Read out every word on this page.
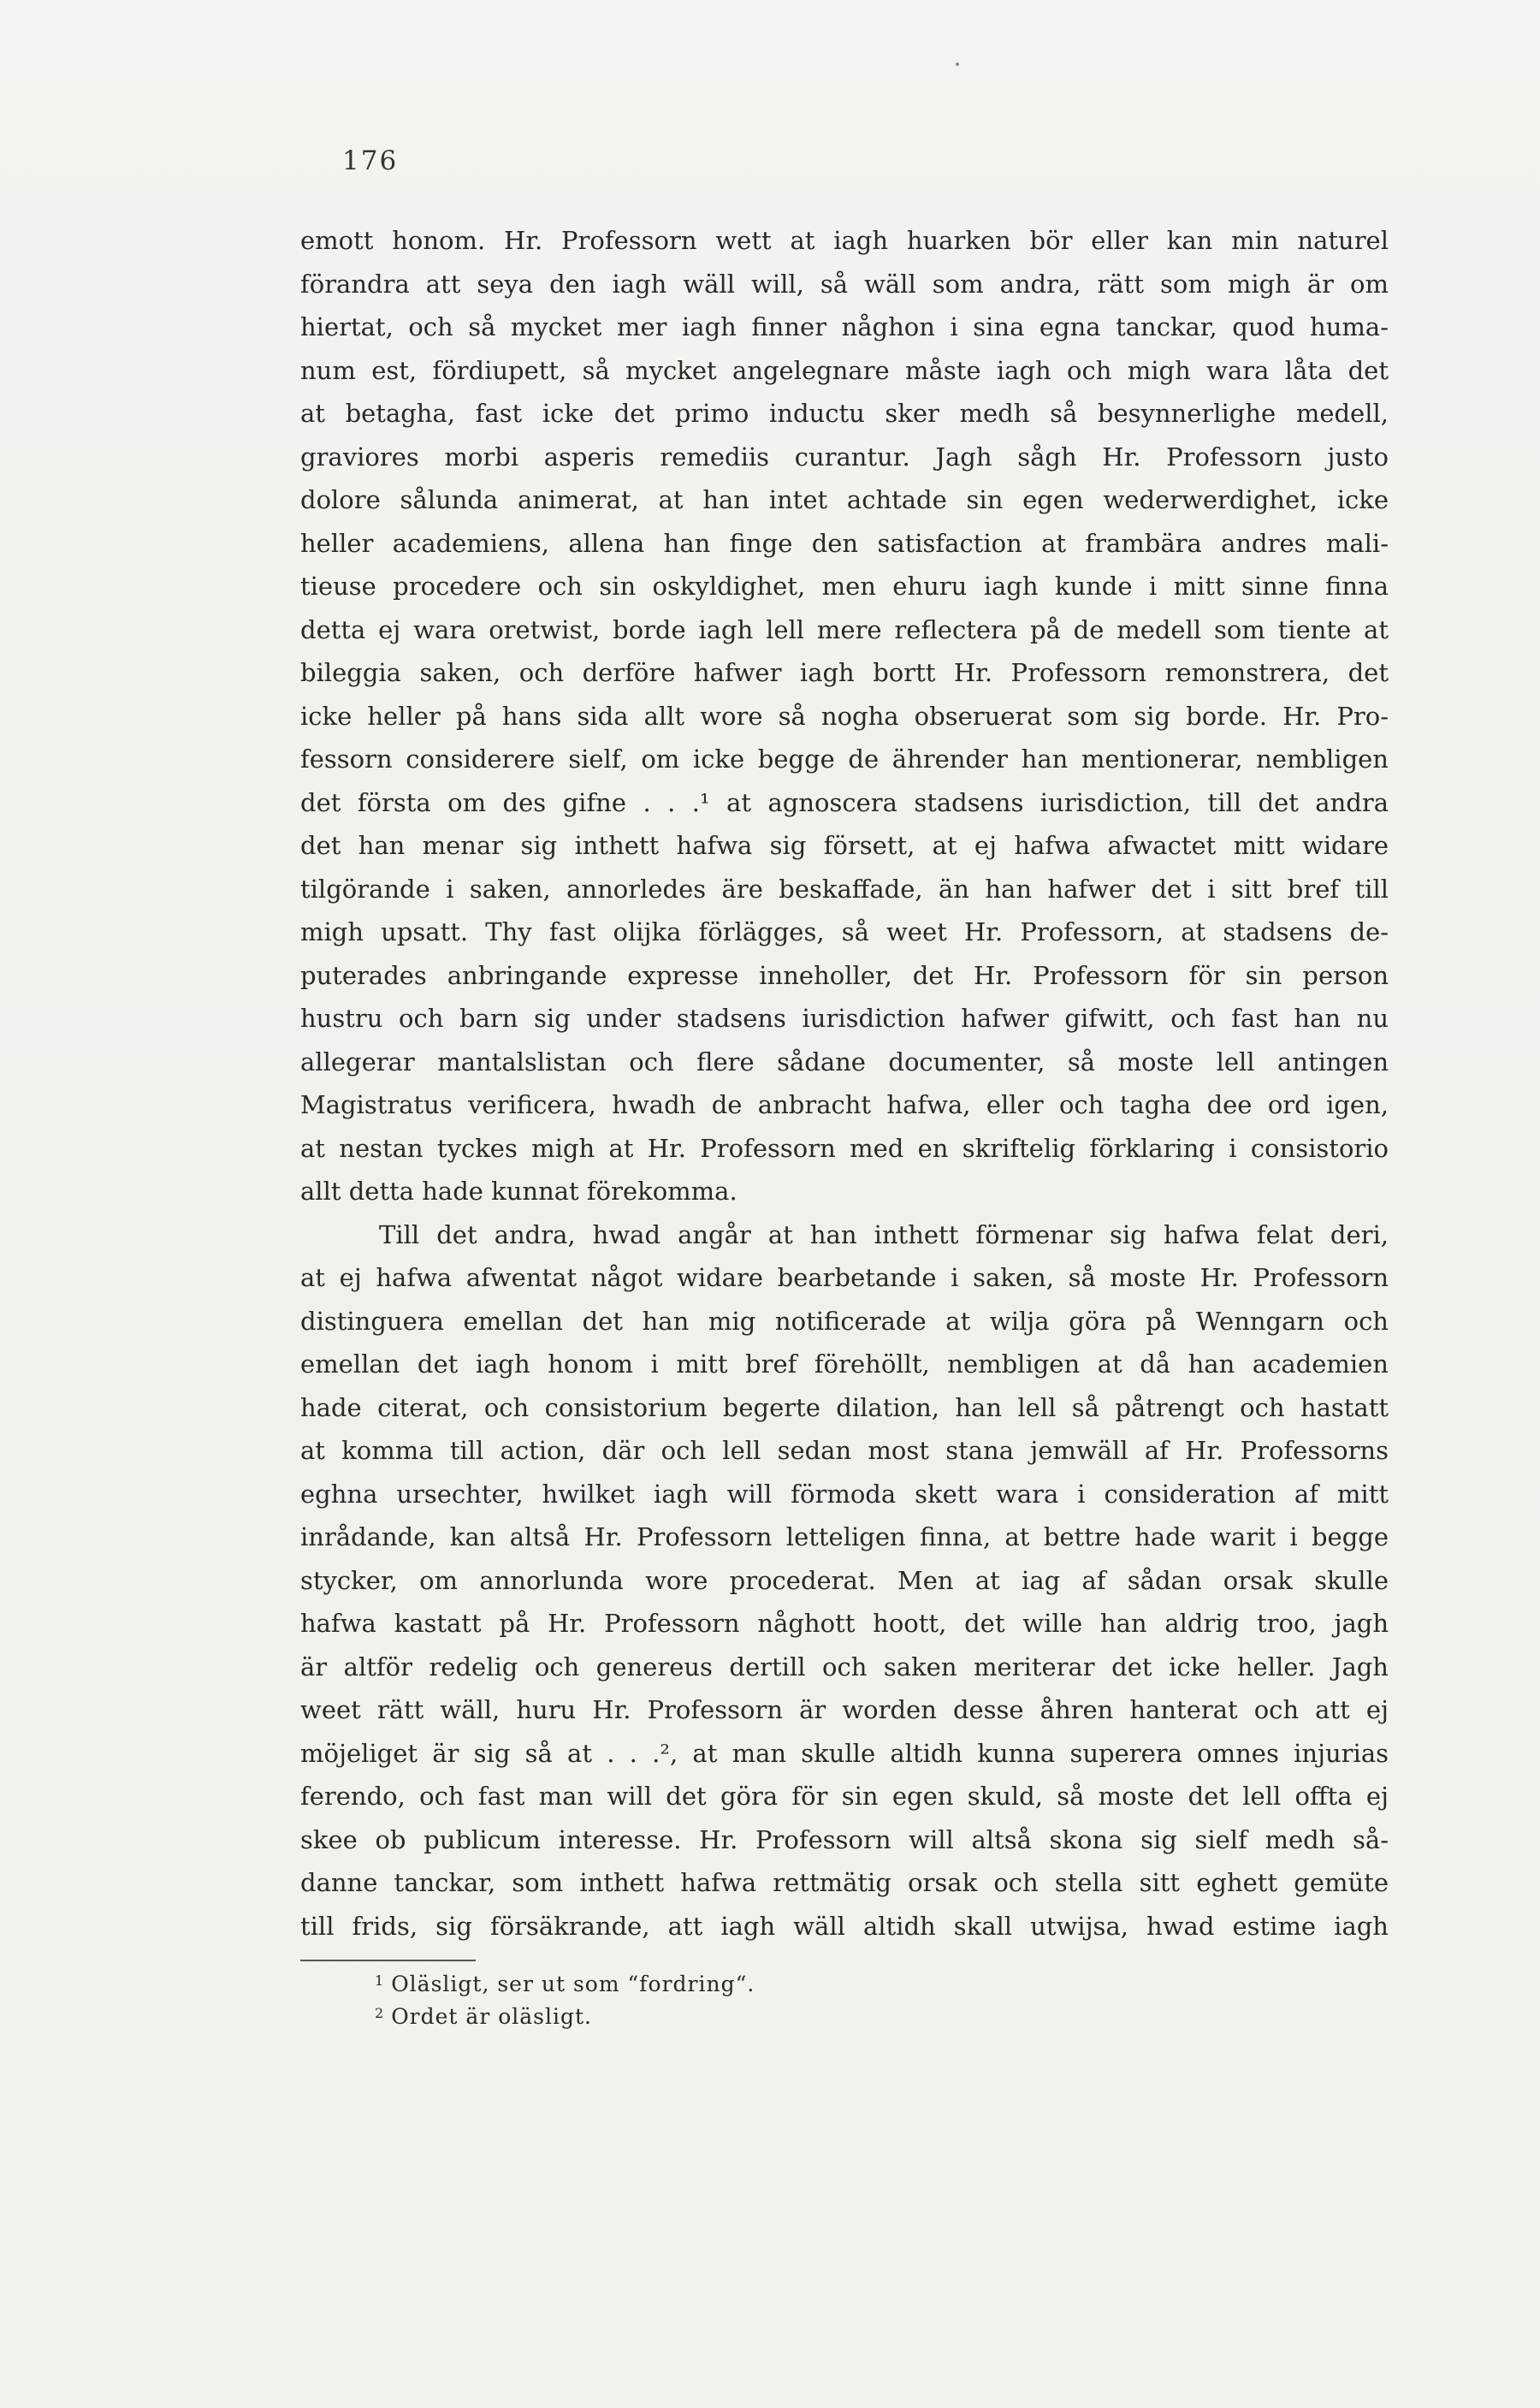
176
emott honom. Hr. Professorn wett at iagh huarken bör eller kan min naturel
förandra att seya den iagh wäll will, så wäll som andra, rätt som migh är om
hiertat, och så mycket mer iagh finner någhon i sina egna tanckar, quod huma-
num est, fördiupett, så mycket angelegnare måste iagh och migh wara låta det
at betagha, fast icke det primo inductu sker medh så besynnerlighe medell,
graviores morbi asperis remediis curantur. Jagh sågh Hr. Professorn justo
dolore sålunda animerat, at han intet achtade sin egen wederwerdighet, icke
heller academiens, allena han finge den satisfaction at frambära andres mali-
tieuse procedere och sin oskyldighet, men ehuru iagh kunde i mitt sinne finna
detta ej wara oretwist, borde iagh lell mere reflectera på de medell som tiente at
bileggia saken, och derföre hafwer iagh bortt Hr. Professorn remonstrera, det
icke heller på hans sida allt wore så nogha obseruerat som sig borde. Hr. Pro-
fessorn considerere sielf, om icke begge de ährender han mentionerar, nembligen
det första om des gifne . . .¹ at agnoscera stadsens iurisdiction, till det andra
det han menar sig inthett hafwa sig försett, at ej hafwa afwactet mitt widare
tilgörande i saken, annorledes äre beskaffade, än han hafwer det i sitt bref till
migh upsatt. Thy fast olijka förlägges, så weet Hr. Professorn, at stadsens de-
puterades anbringande expresse inneholler, det Hr. Professorn för sin person
hustru och barn sig under stadsens iurisdiction hafwer gifwitt, och fast han nu
allegerar mantalslistan och flere sådane documenter, så moste lell antingen
Magistratus verificera, hwadh de anbracht hafwa, eller och tagha dee ord igen,
at nestan tyckes migh at Hr. Professorn med en skriftelig förklaring i consistorio
allt detta hade kunnat förekomma.
Till det andra, hwad angår at han inthett förmenar sig hafwa felat deri,
at ej hafwa afwentat något widare bearbetande i saken, så moste Hr. Professorn
distinguera emellan det han mig notificerade at wilja göra på Wenngarn och
emellan det iagh honom i mitt bref förehöllt, nembligen at då han academien
hade citerat, och consistorium begerte dilation, han lell så påtrengt och hastatt
at komma till action, där och lell sedan most stana jemwäll af Hr. Professorns
eghna ursechter, hwilket iagh will förmoda skett wara i consideration af mitt
inrådande, kan altså Hr. Professorn letteligen finna, at bettre hade warit i begge
stycker, om annorlunda wore procederat. Men at iag af sådan orsak skulle
hafwa kastatt på Hr. Professorn någhott hoott, det wille han aldrig troo, jagh
är altför redelig och genereus dertill och saken meriterar det icke heller. Jagh
weet rätt wäll, huru Hr. Professorn är worden desse åhren hanterat och att ej
möjeliget är sig så at . . .², at man skulle altidh kunna superera omnes injurias
ferendo, och fast man will det göra för sin egen skuld, så moste det lell offta ej
skee ob publicum interesse. Hr. Professorn will altså skona sig sielf medh så-
danne tanckar, som inthett hafwa rettmätig orsak och stella sitt eghett gemüte
till frids, sig försäkrande, att iagh wäll altidh skall utwijsa, hwad estime iagh
$^1$ Oläsligt, ser ut som “fordring“.
$^2$ Ordet är oläsligt.
